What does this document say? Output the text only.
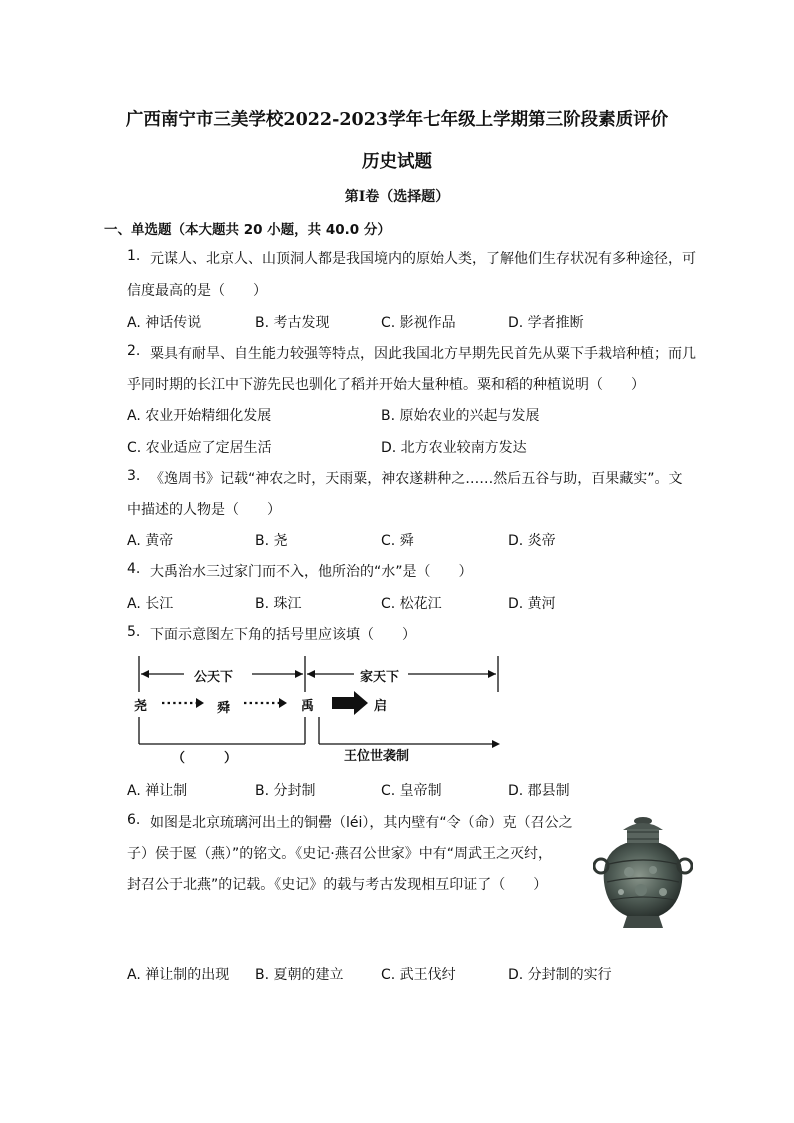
广西南宁市三美学校2022-2023学年七年级上学期第三阶段素质评价
历史试题
第I卷（选择题）
一、单选题（本大题共 20 小题，共 40.0 分）
1. 元谋人、北京人、山顶洞人都是我国境内的原始人类，了解他们生存状况有多种途径，可
信度最高的是（　　）
A. 神话传说	B. 考古发现	C. 影视作品	D. 学者推断
2. 粟具有耐旱、自生能力较强等特点，因此我国北方早期先民首先从粟下手栽培种植；而几
乎同时期的长江中下游先民也驯化了稻并开始大量种植。粟和稻的种植说明（　　）
A. 农业开始精细化发展	B. 原始农业的兴起与发展
C. 农业适应了定居生活	D. 北方农业较南方发达
3. 《逸周书》记载“神农之时，天雨粟，神农遂耕种之……然后五谷与助，百果藏实”。文
中描述的人物是（　　）
A. 黄帝	B. 尧	C. 舜	D. 炎帝
4. 大禹治水三过家门而不入，他所治的“水”是（　　）
A. 长江	B. 珠江	C. 松花江	D. 黄河
5. 下面示意图左下角的括号里应该填（　　）
公天下	家天下
尧	舜	禹	启
（　　　）	王位世袭制
A. 禅让制	B. 分封制	C. 皇帝制	D. 郡县制
6. 如图是北京琉璃河出土的铜罍（léi），其内壁有“令（命）克（召公之
子）侯于匽（燕）”的铭文。《史记·燕召公世家》中有“周武王之灭纣，
封召公于北燕”的记载。《史记》的载与考古发现相互印证了（　　）
A. 禅让制的出现 B. 夏朝的建立	C. 武王伐纣	D. 分封制的实行
